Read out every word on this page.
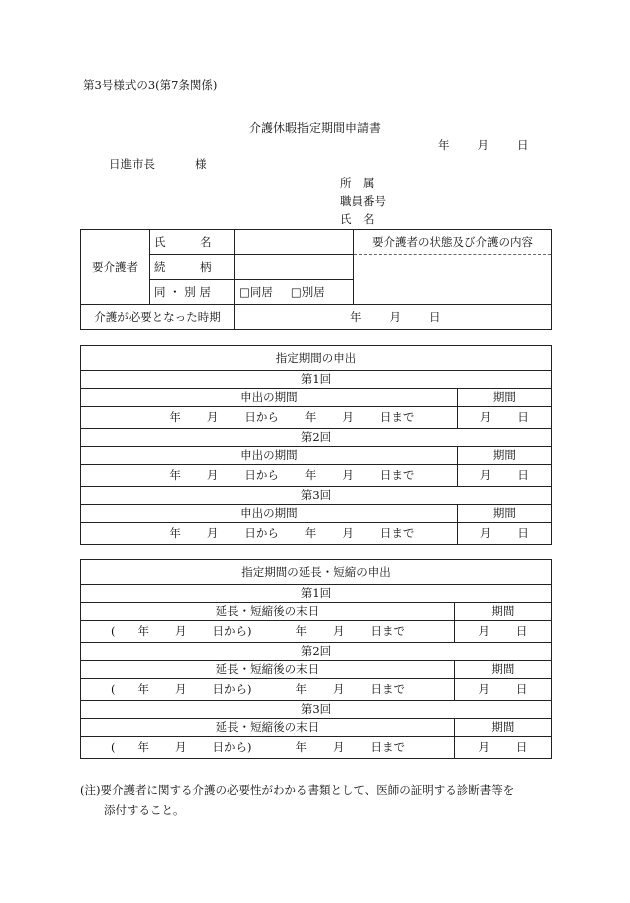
第3号様式の3(第7条関係)
介護休暇指定期間申請書
年 月 日
日進市長	様
所　属
職員番号
氏　名
要介護者	氏　　　名		要介護者の状態及び介護の内容
	続　　　柄		
	同 ・ 別 居	□同居 □別居	
介護が必要となった時期		年 月 日	
指定期間の申出	
第1回	
申出の期間	期間
年 月 日から 年 月 日まで	月 日
第2回	
申出の期間	期間
年 月 日から 年 月 日まで	月 日
第3回	
申出の期間	期間
年 月 日から 年 月 日まで	月 日
指定期間の延長・短縮の申出	
第1回	
延長・短縮後の末日	期間
( 年 月 日から) 年 月 日まで	月 日
第2回	
延長・短縮後の末日	期間
( 年 月 日から) 年 月 日まで	月 日
第3回	
延長・短縮後の末日	期間
( 年 月 日から) 年 月 日まで	月 日
(注)要介護者に関する介護の必要性がわかる書類として、医師の証明する診断書等を
添付すること。
